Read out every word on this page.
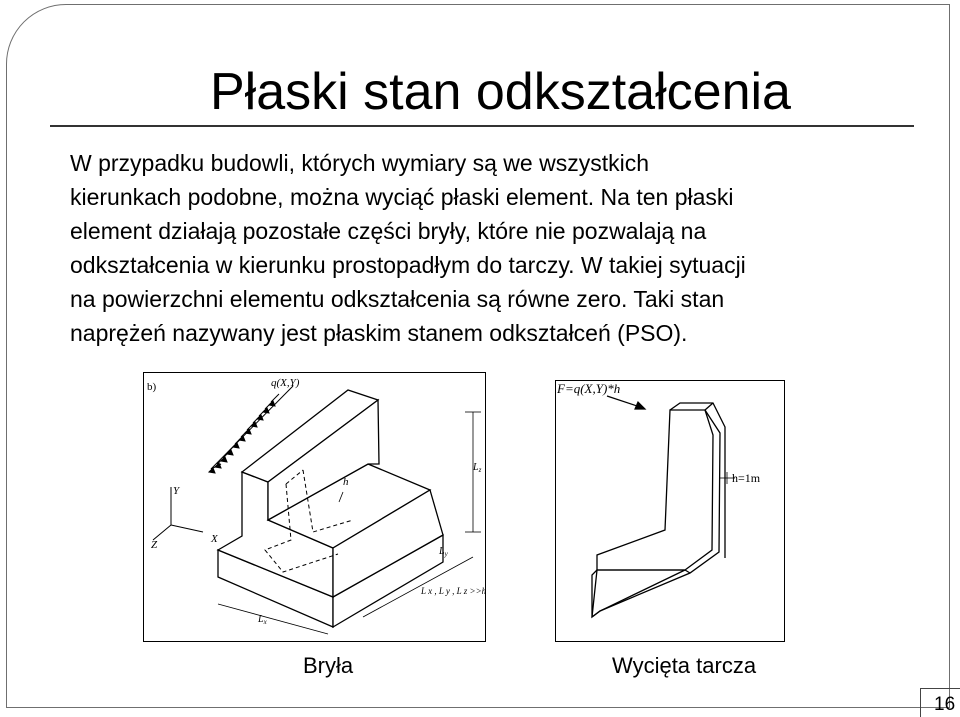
Płaski stan odkształcenia

W przypadku budowli, których wymiary są we wszystkich
kierunkach podobne, można wyciąć płaski element. Na ten płaski
element działają pozostałe części bryły, które nie pozwalają na
odkształcenia w kierunku prostopadłym do tarczy. W takiej sytuacji
na powierzchni elementu odkształcenia są równe zero. Taki stan
naprężeń nazywany jest płaskim stanem odkształceń (PSO).

b)	q(X,Y)
Y
Z	X
h
$L_z$
$L_y$
$L_x$
L x , L y , L z >>h
F=q(X,Y)*h
h=1m
Bryła	Wycięta tarcza
16
